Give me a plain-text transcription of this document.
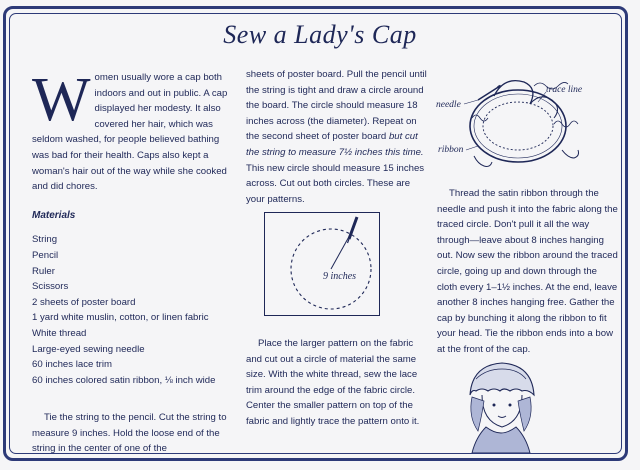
Sew a Lady's Cap

Women usually wore a cap both indoors and out in public. A cap displayed her modesty. It also covered her hair, which was seldom washed, for people believed bathing was bad for their health. Caps also kept a woman's hair out of the way while she cooked and did chores.

Materials
String
Pencil
Ruler
Scissors
2 sheets of poster board
1 yard white muslin, cotton, or linen fabric
White thread
Large-eyed sewing needle
60 inches lace trim
60 inches colored satin ribbon, ⅛ inch wide

Tie the string to the pencil. Cut the string to measure 9 inches. Hold the loose end of the string in the center of one of the

sheets of poster board. Pull the pencil until the string is tight and draw a circle around the board. The circle should measure 18 inches across (the diameter). Repeat on the second sheet of poster board but cut the string to measure 7½ inches this time. This new circle should measure 15 inches across. Cut out both circles. These are your patterns.

9 inches

Place the larger pattern on the fabric and cut out a circle of material the same size. With the white thread, sew the lace trim around the edge of the fabric circle. Center the smaller pattern on top of the fabric and lightly trace the pattern onto it.

needle
trace line
ribbon

Thread the satin ribbon through the needle and push it into the fabric along the traced circle. Don't pull it all the way through—leave about 8 inches hanging out. Now sew the ribbon around the traced circle, going up and down through the cloth every 1–1½ inches. At the end, leave another 8 inches hanging free. Gather the cap by bunching it along the ribbon to fit your head. Tie the ribbon ends into a bow at the front of the cap.
